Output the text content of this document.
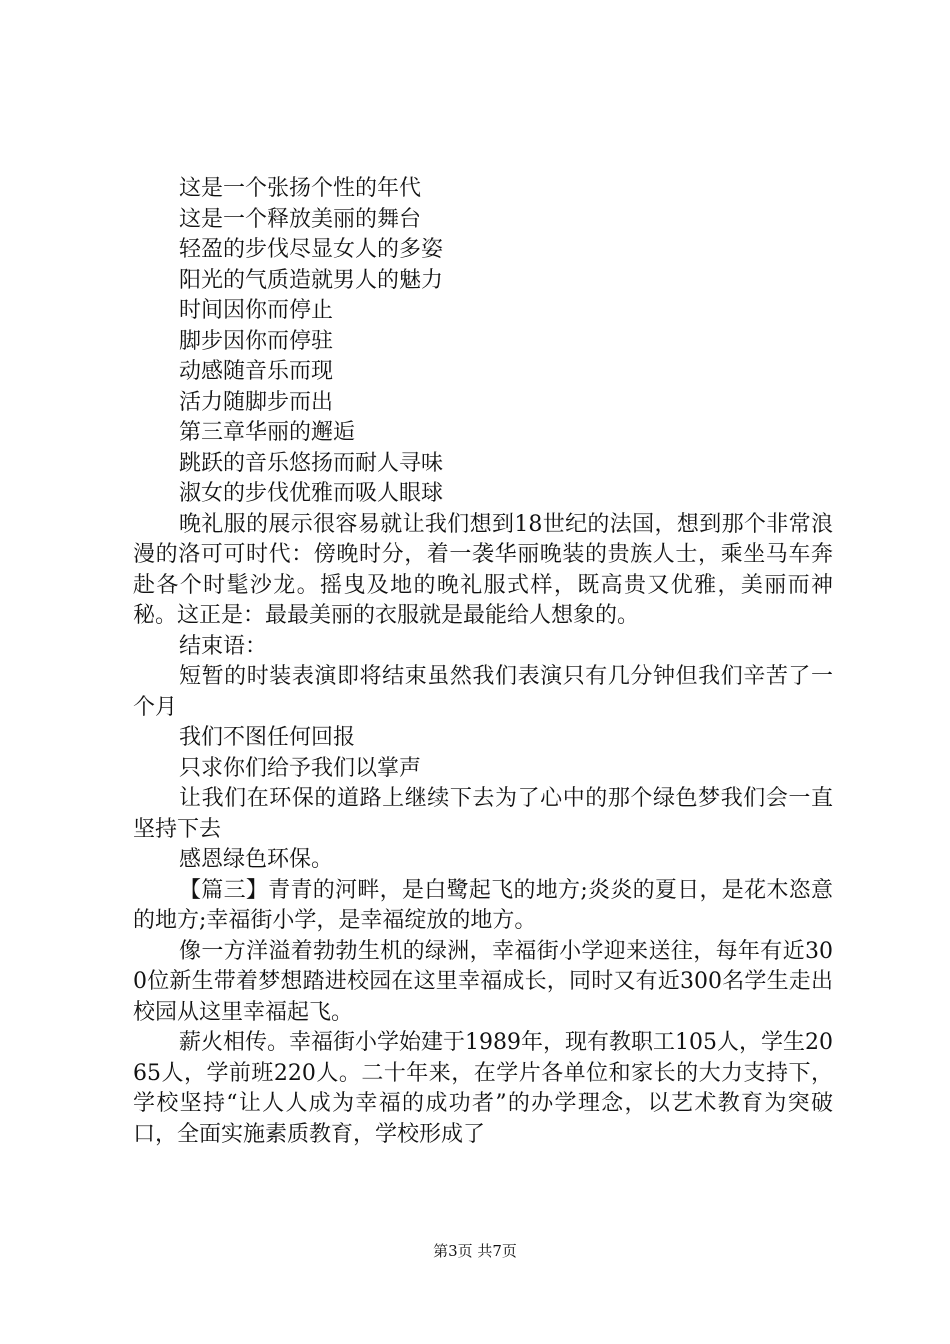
这是一个张扬个性的年代

这是一个释放美丽的舞台

轻盈的步伐尽显女人的多姿

阳光的气质造就男人的魅力

时间因你而停止

脚步因你而停驻

动感随音乐而现

活力随脚步而出

第三章华丽的邂逅

跳跃的音乐悠扬而耐人寻味

淑女的步伐优雅而吸人眼球

晚礼服的展示很容易就让我们想到18世纪的法国，想到那个非常浪漫的洛可可时代：傍晚时分，着一袭华丽晚装的贵族人士，乘坐马车奔赴各个时髦沙龙。摇曳及地的晚礼服式样，既高贵又优雅，美丽而神秘。这正是：最最美丽的衣服就是最能给人想象的。

结束语：

短暂的时装表演即将结束虽然我们表演只有几分钟但我们辛苦了一个月

我们不图任何回报

只求你们给予我们以掌声

让我们在环保的道路上继续下去为了心中的那个绿色梦我们会一直坚持下去

感恩绿色环保。

【篇三】青青的河畔，是白鹭起飞的地方;炎炎的夏日，是花木恣意的地方;幸福街小学，是幸福绽放的地方。

像一方洋溢着勃勃生机的绿洲，幸福街小学迎来送往，每年有近300位新生带着梦想踏进校园在这里幸福成长，同时又有近300名学生走出校园从这里幸福起飞。

薪火相传。幸福街小学始建于1989年，现有教职工105人，学生2065人，学前班220人。二十年来，在学片各单位和家长的大力支持下，学校坚持“让人人成为幸福的成功者”的办学理念，以艺术教育为突破口，全面实施素质教育，学校形成了

第3页 共7页
